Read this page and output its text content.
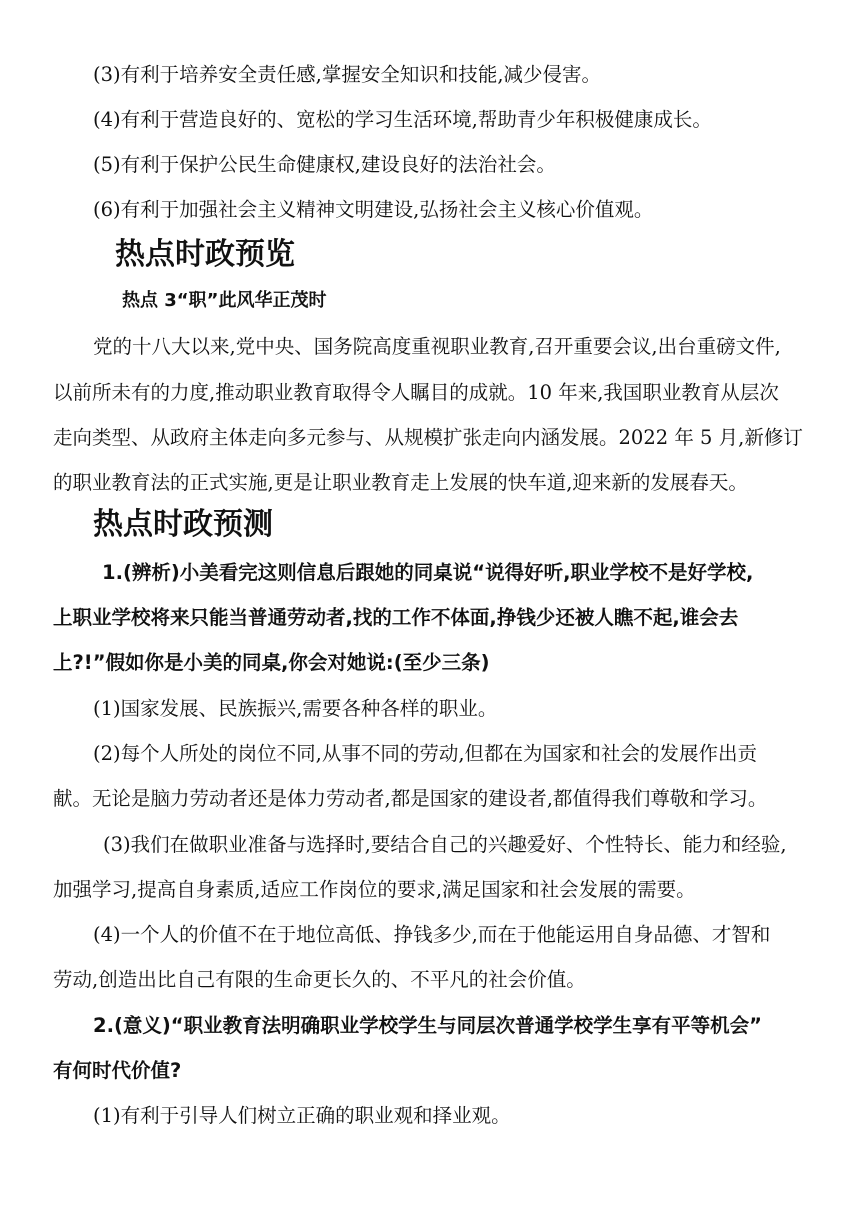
(3)有利于培养安全责任感,掌握安全知识和技能,减少侵害。
(4)有利于营造良好的、宽松的学习生活环境,帮助青少年积极健康成长。
(5)有利于保护公民生命健康权,建设良好的法治社会。
(6)有利于加强社会主义精神文明建设,弘扬社会主义核心价值观。
热点时政预览
热点 3“职”此风华正茂时
党的十八大以来,党中央、国务院高度重视职业教育,召开重要会议,出台重磅文件,
以前所未有的力度,推动职业教育取得令人瞩目的成就。10 年来,我国职业教育从层次
走向类型、从政府主体走向多元参与、从规模扩张走向内涵发展。2022 年 5 月,新修订
的职业教育法的正式实施,更是让职业教育走上发展的快车道,迎来新的发展春天。
热点时政预测
1.(辨析)小美看完这则信息后跟她的同桌说“说得好听,职业学校不是好学校,
上职业学校将来只能当普通劳动者,找的工作不体面,挣钱少还被人瞧不起,谁会去
上?!”假如你是小美的同桌,你会对她说:(至少三条)
(1)国家发展、民族振兴,需要各种各样的职业。
(2)每个人所处的岗位不同,从事不同的劳动,但都在为国家和社会的发展作出贡
献。无论是脑力劳动者还是体力劳动者,都是国家的建设者,都值得我们尊敬和学习。
(3)我们在做职业准备与选择时,要结合自己的兴趣爱好、个性特长、能力和经验,
加强学习,提高自身素质,适应工作岗位的要求,满足国家和社会发展的需要。
(4)一个人的价值不在于地位高低、挣钱多少,而在于他能运用自身品德、才智和
劳动,创造出比自己有限的生命更长久的、不平凡的社会价值。
2.(意义)“职业教育法明确职业学校学生与同层次普通学校学生享有平等机会”
有何时代价值?
(1)有利于引导人们树立正确的职业观和择业观。
